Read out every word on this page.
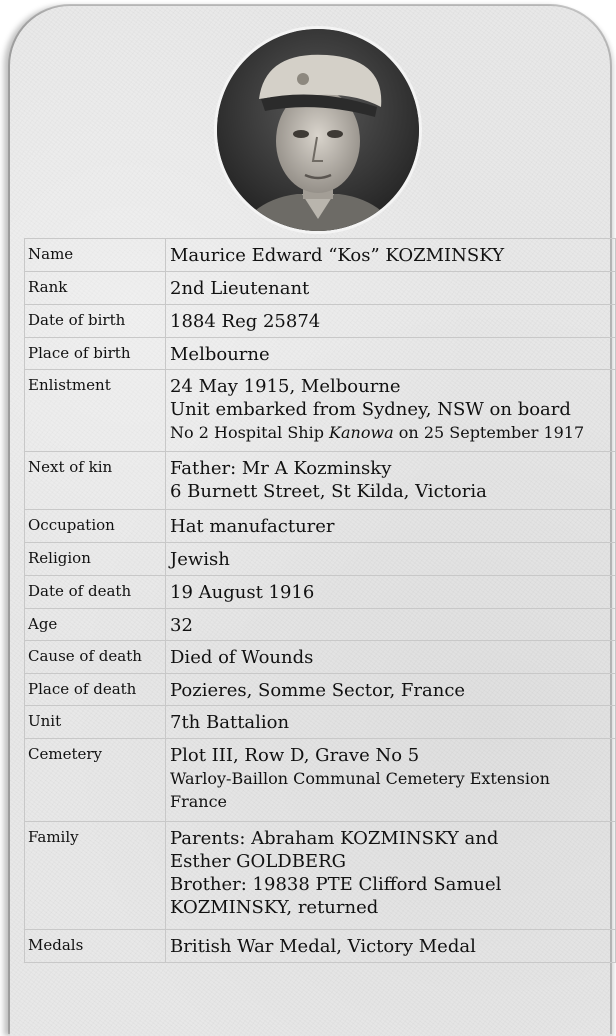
Name	Maurice Edward “Kos” KOZMINSKY

Rank	2nd Lieutenant

Date of birth	1884 Reg 25874

Place of birth	Melbourne

Enlistment	24 May 1915, Melbourne
Unit embarked from Sydney, NSW on board
No 2 Hospital Ship Kanowa on 25 September 1917

Next of kin	Father: Mr A Kozminsky
6 Burnett Street, St Kilda, Victoria

Occupation	Hat manufacturer

Religion	Jewish

Date of death	19 August 1916

Age	32

Cause of death	Died of Wounds

Place of death	Pozieres, Somme Sector, France

Unit	7th Battalion

Cemetery	Plot III, Row D, Grave No 5
Warloy-Baillon Communal Cemetery Extension
France

Family	Parents: Abraham KOZMINSKY and
Esther GOLDBERG
Brother: 19838 PTE Clifford Samuel
KOZMINSKY, returned

Medals	British War Medal, Victory Medal
